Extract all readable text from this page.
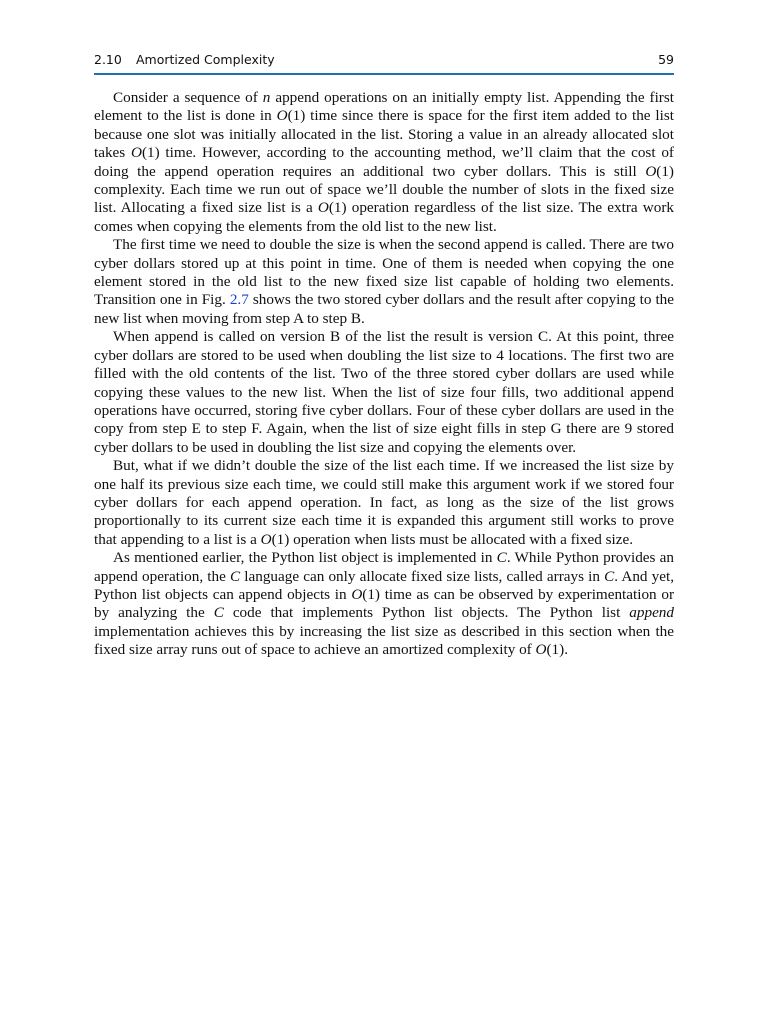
2.10 Amortized Complexity	59

Consider a sequence of n append operations on an initially empty list. Appending the first element to the list is done in O(1) time since there is space for the first item added to the list because one slot was initially allocated in the list. Storing a value in an already allocated slot takes O(1) time. However, according to the accounting method, we’ll claim that the cost of doing the append operation requires an additional two cyber dollars. This is still O(1) complexity. Each time we run out of space we’ll double the number of slots in the fixed size list. Allocating a fixed size list is a O(1) operation regardless of the list size. The extra work comes when copying the elements from the old list to the new list.

The first time we need to double the size is when the second append is called. There are two cyber dollars stored up at this point in time. One of them is needed when copying the one element stored in the old list to the new fixed size list capable of holding two elements. Transition one in Fig. 2.7 shows the two stored cyber dollars and the result after copying to the new list when moving from step A to step B.

When append is called on version B of the list the result is version C. At this point, three cyber dollars are stored to be used when doubling the list size to 4 locations. The first two are filled with the old contents of the list. Two of the three stored cyber dollars are used while copying these values to the new list. When the list of size four fills, two additional append operations have occurred, storing five cyber dollars. Four of these cyber dollars are used in the copy from step E to step F. Again, when the list of size eight fills in step G there are 9 stored cyber dollars to be used in doubling the list size and copying the elements over.

But, what if we didn’t double the size of the list each time. If we increased the list size by one half its previous size each time, we could still make this argument work if we stored four cyber dollars for each append operation. In fact, as long as the size of the list grows proportionally to its current size each time it is expanded this argument still works to prove that appending to a list is a O(1) operation when lists must be allocated with a fixed size.

As mentioned earlier, the Python list object is implemented in C. While Python provides an append operation, the C language can only allocate fixed size lists, called arrays in C. And yet, Python list objects can append objects in O(1) time as can be observed by experimentation or by analyzing the C code that implements Python list objects. The Python list append implementation achieves this by increasing the list size as described in this section when the fixed size array runs out of space to achieve an amortized complexity of O(1).
